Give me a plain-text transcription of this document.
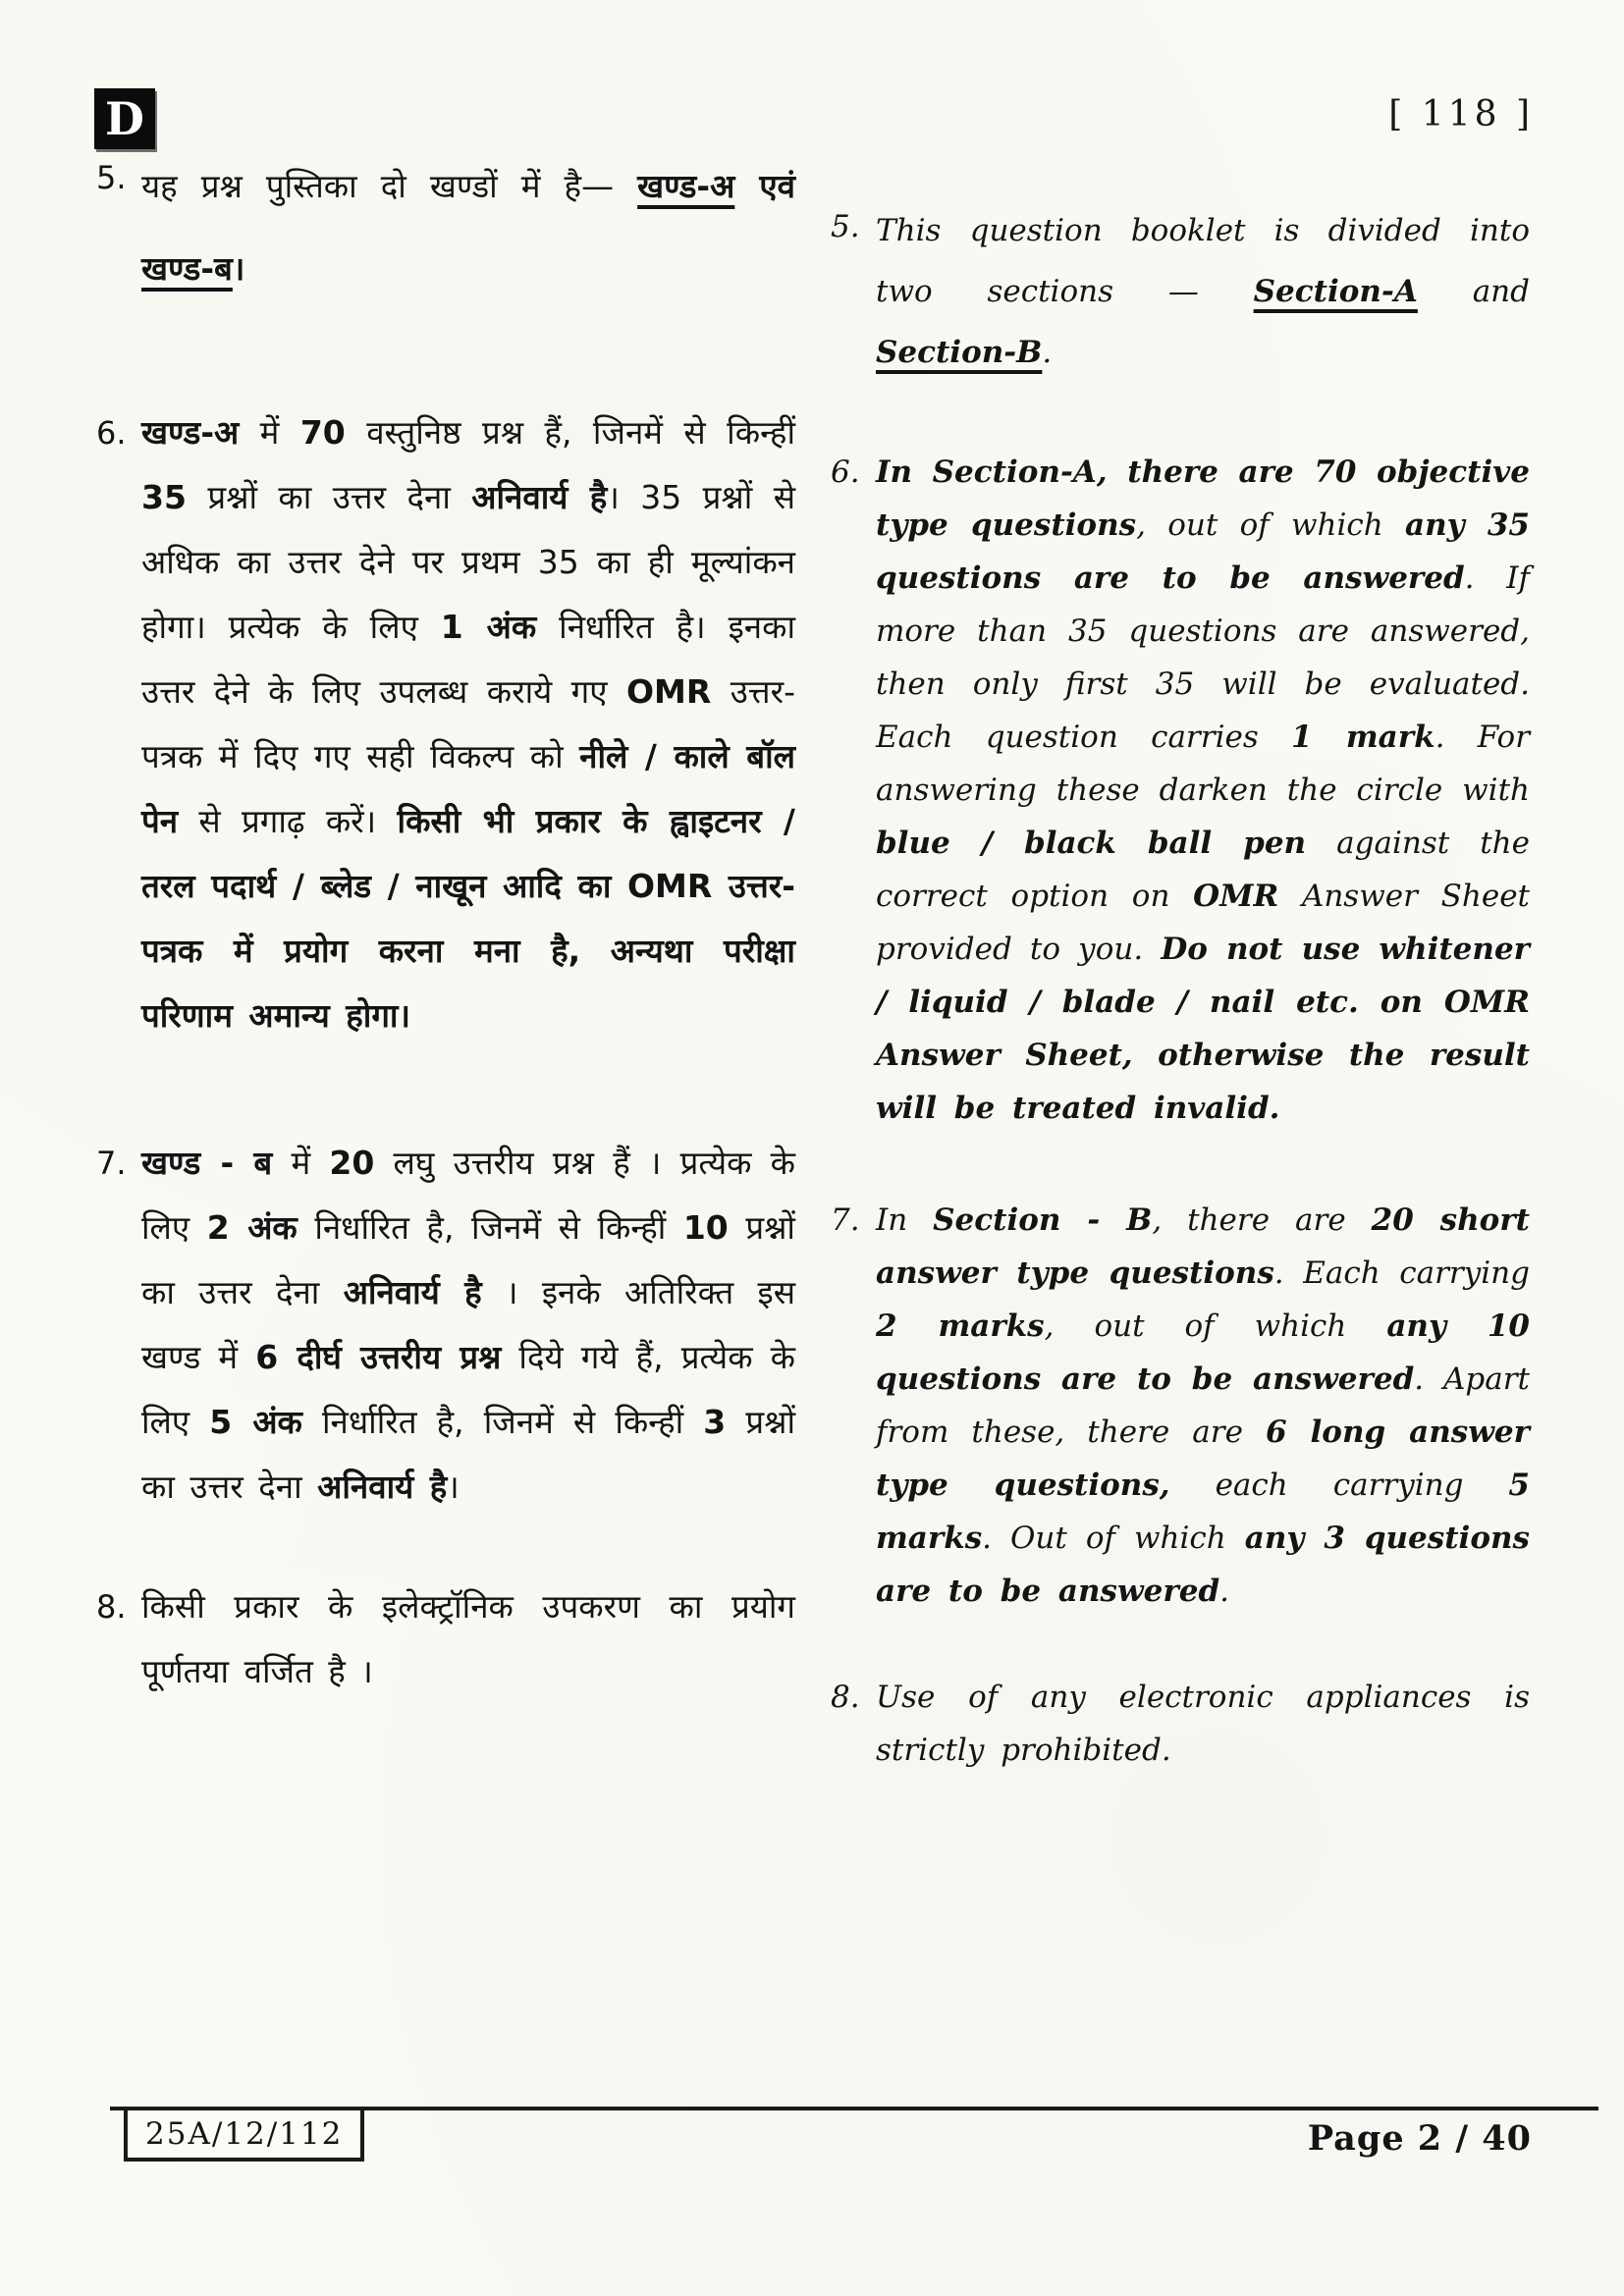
D	[ 118 ]
5. यह प्रश्न पुस्तिका दो खण्डों में है— खण्ड-अ एवं खण्ड-ब।
6. खण्ड-अ में 70 वस्तुनिष्ठ प्रश्न हैं, जिनमें से किन्हीं 35 प्रश्नों का उत्तर देना अनिवार्य है। 35 प्रश्नों से अधिक का उत्तर देने पर प्रथम 35 का ही मूल्यांकन होगा। प्रत्येक के लिए 1 अंक निर्धारित है। इनका उत्तर देने के लिए उपलब्ध कराये गए OMR उत्तर-पत्रक में दिए गए सही विकल्प को नीले / काले बॉल पेन से प्रगाढ़ करें। किसी भी प्रकार के ह्वाइटनर / तरल पदार्थ / ब्लेड / नाखून आदि का OMR उत्तर-पत्रक में प्रयोग करना मना है, अन्यथा परीक्षा परिणाम अमान्य होगा।
7. खण्ड - ब में 20 लघु उत्तरीय प्रश्न हैं । प्रत्येक के लिए 2 अंक निर्धारित है, जिनमें से किन्हीं 10 प्रश्नों का उत्तर देना अनिवार्य है । इनके अतिरिक्त इस खण्ड में 6 दीर्घ उत्तरीय प्रश्न दिये गये हैं, प्रत्येक के लिए 5 अंक निर्धारित है, जिनमें से किन्हीं 3 प्रश्नों का उत्तर देना अनिवार्य है।
8. किसी प्रकार के इलेक्ट्रॉनिक उपकरण का प्रयोग पूर्णतया वर्जित है ।
5. This question booklet is divided into two sections — Section-A and Section-B.
6. In Section-A, there are 70 objective type questions, out of which any 35 questions are to be answered. If more than 35 questions are answered, then only first 35 will be evaluated. Each question carries 1 mark. For answering these darken the circle with blue / black ball pen against the correct option on OMR Answer Sheet provided to you. Do not use whitener / liquid / blade / nail etc. on OMR Answer Sheet, otherwise the result will be treated invalid.
7. In Section - B, there are 20 short answer type questions. Each carrying 2 marks, out of which any 10 questions are to be answered. Apart from these, there are 6 long answer type questions, each carrying 5 marks. Out of which any 3 questions are to be answered.
8. Use of any electronic appliances is strictly prohibited.
25A/12/112	Page 2 / 40
